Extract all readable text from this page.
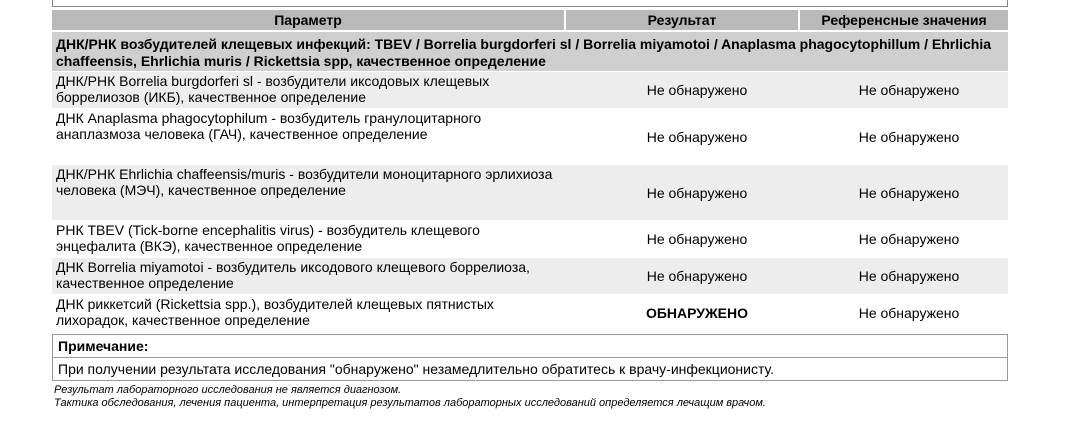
Параметр	Результат	Референсные значения
ДНК/РНК возбудителей клещевых инфекций: TBEV / Borrelia burgdorferi sl / Borrelia miyamotoi / Anaplasma phagocytophillum / Ehrlichia chaffeensis, Ehrlichia muris / Rickettsia spp, качественное определение
ДНК/РНК Borrelia burgdorferi sl - возбудители иксодовых клещевых боррелиозов (ИКБ), качественное определение	Не обнаружено	Не обнаружено
ДНК Anaplasma phagocytophilum - возбудитель гранулоцитарного анаплазмоза человека (ГАЧ), качественное определение	Не обнаружено	Не обнаружено
ДНК/РНК Ehrlichia chaffeensis/muris - возбудители моноцитарного эрлихиоза человека (МЭЧ), качественное определение	Не обнаружено	Не обнаружено
РНК TBEV (Tick-borne encephalitis virus) - возбудитель клещевого энцефалита (ВКЭ), качественное определение	Не обнаружено	Не обнаружено
ДНК Borrelia miyamotoi - возбудитель иксодового клещевого боррелиоза, качественное определение	Не обнаружено	Не обнаружено
ДНК риккетсий (Rickettsia spp.), возбудителей клещевых пятнистых лихорадок, качественное определение	ОБНАРУЖЕНО	Не обнаружено
Примечание:
При получении результата исследования "обнаружено" незамедлительно обратитесь к врачу-инфекционисту.
Результат лабораторного исследования не является диагнозом.
Тактика обследования, лечения пациента, интерпретация результатов лабораторных исследований определяется лечащим врачом.
